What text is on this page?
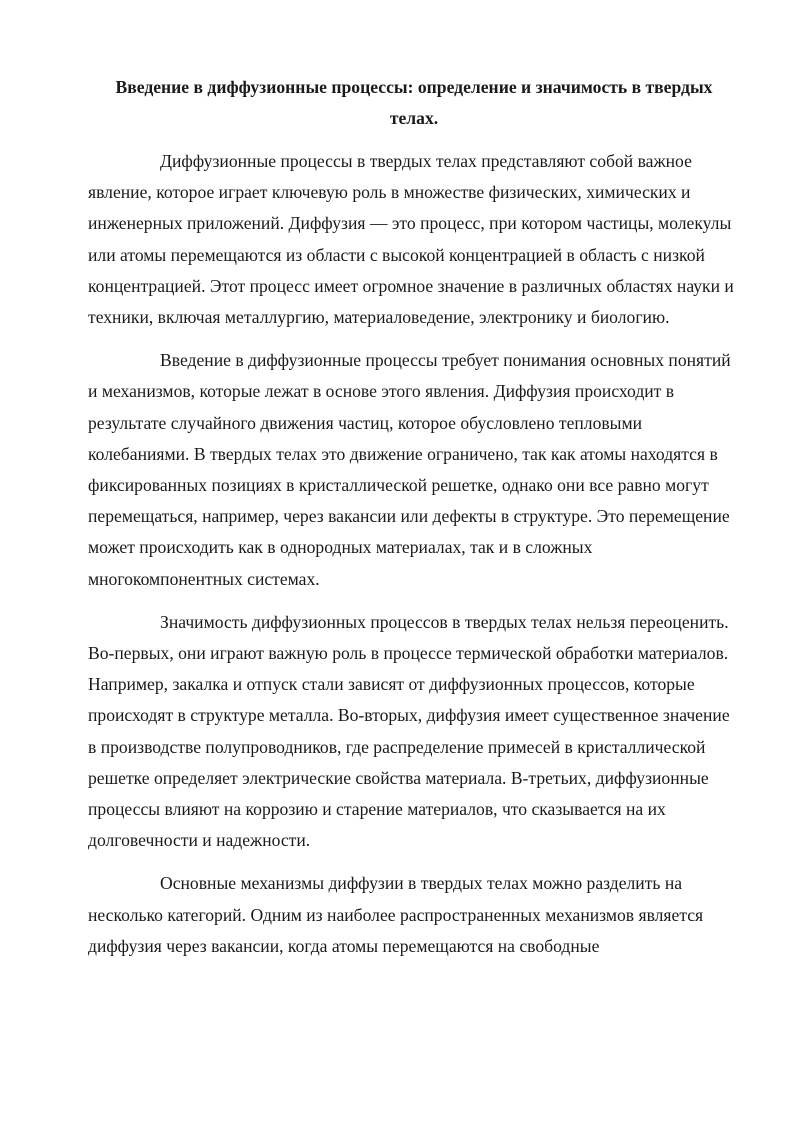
Введение в диффузионные процессы: определение и значимость в твердых телах.

Диффузионные процессы в твердых телах представляют собой важное явление, которое играет ключевую роль в множестве физических, химических и инженерных приложений. Диффузия — это процесс, при котором частицы, молекулы или атомы перемещаются из области с высокой концентрацией в область с низкой концентрацией. Этот процесс имеет огромное значение в различных областях науки и техники, включая металлургию, материаловедение, электронику и биологию.

Введение в диффузионные процессы требует понимания основных понятий и механизмов, которые лежат в основе этого явления. Диффузия происходит в результате случайного движения частиц, которое обусловлено тепловыми колебаниями. В твердых телах это движение ограничено, так как атомы находятся в фиксированных позициях в кристаллической решетке, однако они все равно могут перемещаться, например, через вакансии или дефекты в структуре. Это перемещение может происходить как в однородных материалах, так и в сложных многокомпонентных системах.

Значимость диффузионных процессов в твердых телах нельзя переоценить. Во-первых, они играют важную роль в процессе термической обработки материалов. Например, закалка и отпуск стали зависят от диффузионных процессов, которые происходят в структуре металла. Во-вторых, диффузия имеет существенное значение в производстве полупроводников, где распределение примесей в кристаллической решетке определяет электрические свойства материала. В-третьих, диффузионные процессы влияют на коррозию и старение материалов, что сказывается на их долговечности и надежности.

Основные механизмы диффузии в твердых телах можно разделить на несколько категорий. Одним из наиболее распространенных механизмов является диффузия через вакансии, когда атомы перемещаются на свободные
